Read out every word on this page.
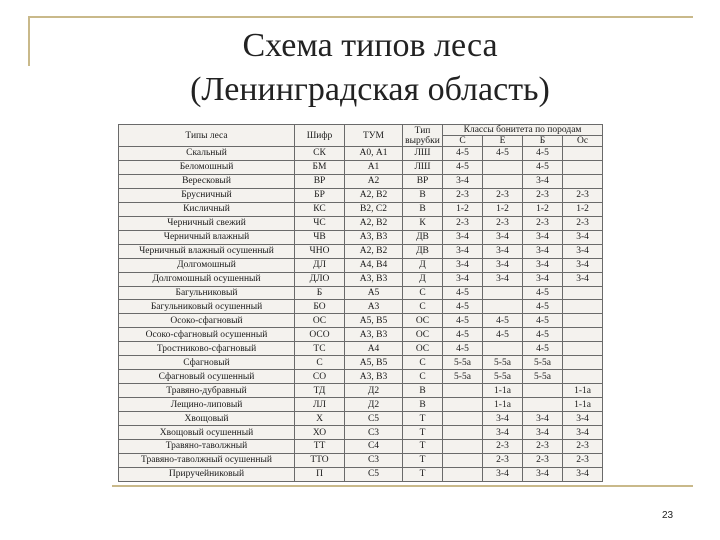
Схема типов леса
(Ленинградская область)
Типы леса	Шифр	ТУМ	Тип вырубки	Классы бонитета по породам			
				С	Е	Б	Ос
Скальный	СК	А0, А1	ЛШ	4-5	4-5	4-5	
Беломошный	БМ	А1	ЛШ	4-5		4-5	
Вересковый	ВР	А2	ВР	3-4		3-4	
Брусничный	БР	А2, В2	В	2-3	2-3	2-3	2-3
Кисличный	КС	В2, С2	В	1-2	1-2	1-2	1-2
Черничный свежий	ЧС	А2, В2	К	2-3	2-3	2-3	2-3
Черничный влажный	ЧВ	А3, В3	ДВ	3-4	3-4	3-4	3-4
Черничный влажный осушенный	ЧНО	А2, В2	ДВ	3-4	3-4	3-4	3-4
Долгомошный	ДЛ	А4, В4	Д	3-4	3-4	3-4	3-4
Долгомошный осушенный	ДЛО	А3, В3	Д	3-4	3-4	3-4	3-4
Багульниковый	Б	А5	С	4-5		4-5	
Багульниковый осушенный	БО	А3	С	4-5		4-5	
Осоко-сфагновый	ОС	А5, В5	ОС	4-5	4-5	4-5	
Осоко-сфагновый осушенный	ОСО	А3, В3	ОС	4-5	4-5	4-5	
Тростниково-сфагновый	ТС	А4	ОС	4-5		4-5	
Сфагновый	С	А5, В5	С	5-5а	5-5а	5-5а	
Сфагновый осушенный	СО	А3, В3	С	5-5а	5-5а	5-5а	
Травяно-дубравный	ТД	Д2	В		1-1а		1-1а
Лещино-липовый	ЛЛ	Д2	В		1-1а		1-1а
Хвощовый	Х	С5	Т		3-4	3-4	3-4
Хвощовый осушенный	ХО	С3	Т		3-4	3-4	3-4
Травяно-таволжный	ТТ	С4	Т		2-3	2-3	2-3
Травяно-таволжный осушенный	ТТО	С3	Т		2-3	2-3	2-3
Приручейниковый	П	С5	Т		3-4	3-4	3-4
23
